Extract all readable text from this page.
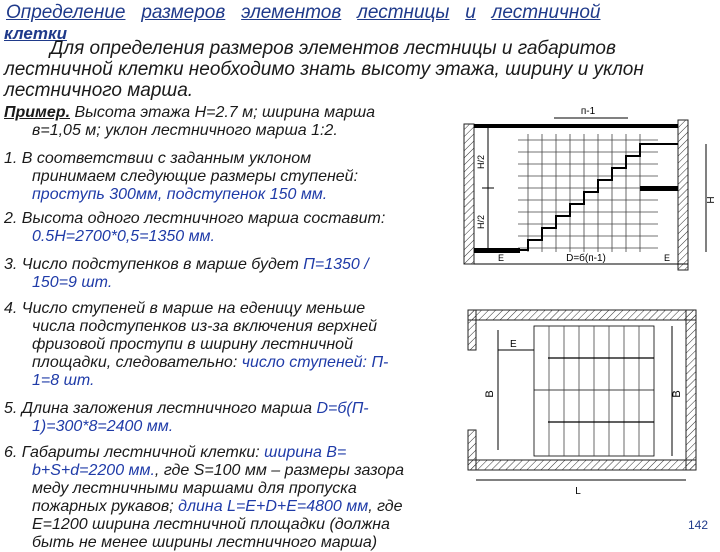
Определение размеров элементов лестницы и лестничной
клетки
Для определения размеров элементов лестницы и габаритов
лестничной клетки необходимо знать высоту этажа, ширину и уклон
лестничного марша.
Пример. Высота этажа H=2.7 м; ширина марша
в=1,05 м; уклон лестничного марша 1:2.
1. В соответствии с заданным уклоном
принимаем следующие размеры ступеней:
проступь 300мм, подступенок 150 мм.
2. Высота одного лестничного марша составит:
0.5Н=2700*0,5=1350 мм.
3. Число подступенков в марше будет П=1350 /
150=9 шт.
4. Число ступеней в марше на еденицу меньше
числа подступенков из-за включения верхней
фризовой проступи в ширину лестничной
площадки, следовательно: число ступеней: П-
1=8 шт.
5. Длина заложения лестничного марша D=б(П-
1)=300*8=2400 мм.
6. Габариты лестничной клетки: ширина В=
b+S+d=2200 мм., где S=100 мм – размеры зазора
меду лестничными маршами для пропуска
пожарных рукавов; длина L=E+D+E=4800 мм, где
E=1200 ширина лестничной площадки (должна
быть не менее ширины лестничного марша)
п-1
Н/2
Н/2
Н
Е	D=б(п-1)	Е
Е
В	В
L
142
